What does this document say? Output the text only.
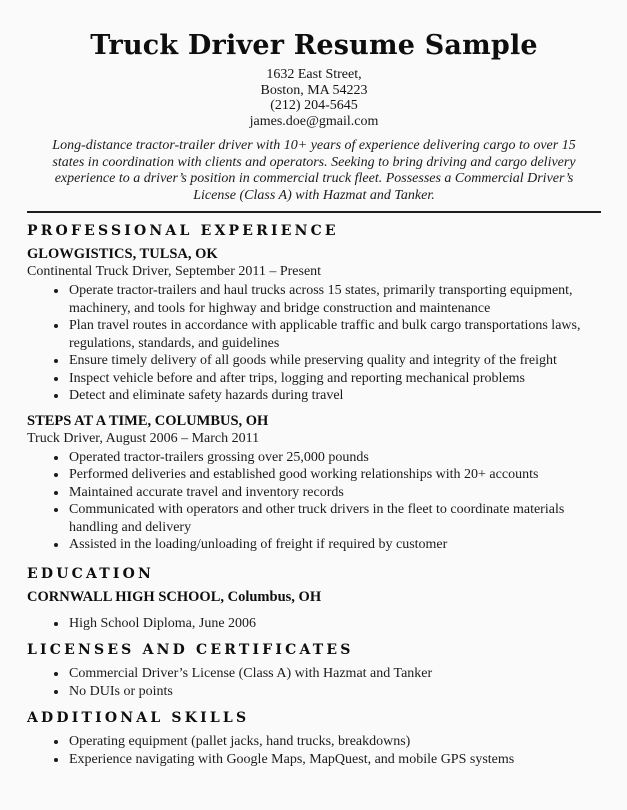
Truck Driver Resume Sample
1632 East Street,
Boston, MA 54223
(212) 204-5645
james.doe@gmail.com

Long-distance tractor-trailer driver with 10+ years of experience delivering cargo to over 15 states in coordination with clients and operators. Seeking to bring driving and cargo delivery experience to a driver’s position in commercial truck fleet. Possesses a Commercial Driver’s License (Class A) with Hazmat and Tanker.

PROFESSIONAL EXPERIENCE
GLOWGISTICS, TULSA, OK
Continental Truck Driver, September 2011 – Present
• Operate tractor-trailers and haul trucks across 15 states, primarily transporting equipment, machinery, and tools for highway and bridge construction and maintenance
• Plan travel routes in accordance with applicable traffic and bulk cargo transportations laws, regulations, standards, and guidelines
• Ensure timely delivery of all goods while preserving quality and integrity of the freight
• Inspect vehicle before and after trips, logging and reporting mechanical problems
• Detect and eliminate safety hazards during travel
STEPS AT A TIME, COLUMBUS, OH
Truck Driver, August 2006 – March 2011
• Operated tractor-trailers grossing over 25,000 pounds
• Performed deliveries and established good working relationships with 20+ accounts
• Maintained accurate travel and inventory records
• Communicated with operators and other truck drivers in the fleet to coordinate materials handling and delivery
• Assisted in the loading/unloading of freight if required by customer
EDUCATION
CORNWALL HIGH SCHOOL, Columbus, OH
• High School Diploma, June 2006
LICENSES AND CERTIFICATES
• Commercial Driver’s License (Class A) with Hazmat and Tanker
• No DUIs or points
ADDITIONAL SKILLS
• Operating equipment (pallet jacks, hand trucks, breakdowns)
• Experience navigating with Google Maps, MapQuest, and mobile GPS systems
